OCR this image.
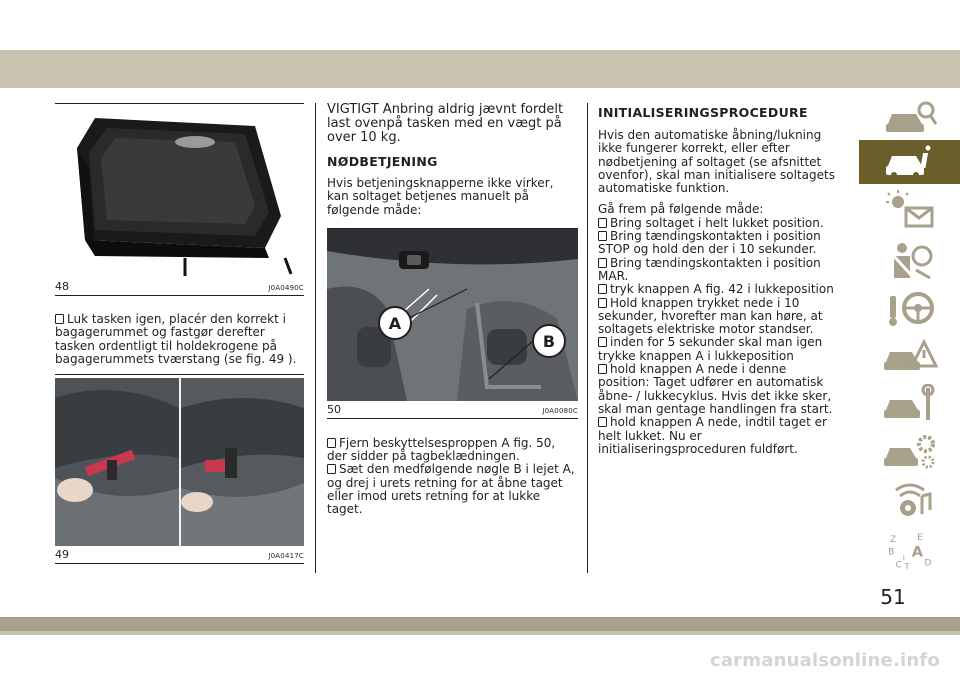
48	J0A0490C
Luk tasken igen, placér den korrekt i bagagerummet og fastgør derefter tasken ordentligt til holdekrogene på bagagerummets tværstang (se fig. 49 ).
49	J0A0417C
VIGTIGT Anbring aldrig jævnt fordelt last ovenpå tasken med en vægt på over 10 kg.
NØDBETJENING
Hvis betjeningsknapperne ikke virker, kan soltaget betjenes manuelt på følgende måde:
A
B
50	J0A0080C
Fjern beskyttelsesproppen A fig. 50, der sidder på tagbeklædningen.
Sæt den medfølgende nøgle B i lejet A, og drej i urets retning for at åbne taget eller imod urets retning for at lukke taget.
INITIALISERINGSPROCEDURE
Hvis den automatiske åbning/lukning ikke fungerer korrekt, eller efter nødbetjening af soltaget (se afsnittet ovenfor), skal man initialisere soltagets automatiske funktion.
Gå frem på følgende måde:
Bring soltaget i helt lukket position.
Bring tændingskontakten i position STOP og hold den der i 10 sekunder.
Bring tændingskontakten i position MAR.
tryk knappen A fig. 42 i lukkeposition
Hold knappen trykket nede i 10 sekunder, hvorefter man kan høre, at soltagets elektriske motor standser.
inden for 5 sekunder skal man igen trykke knappen A i lukkeposition
hold knappen A nede i denne position: Taget udfører en automatisk åbne- / lukkecyklus. Hvis det ikke sker, skal man gentage handlingen fra start.
hold knappen A nede, indtil taget er helt lukket. Nu er initialiseringsproceduren fuldført.
Z E
B A
C D
I
T
51
carmanualsonline.info
